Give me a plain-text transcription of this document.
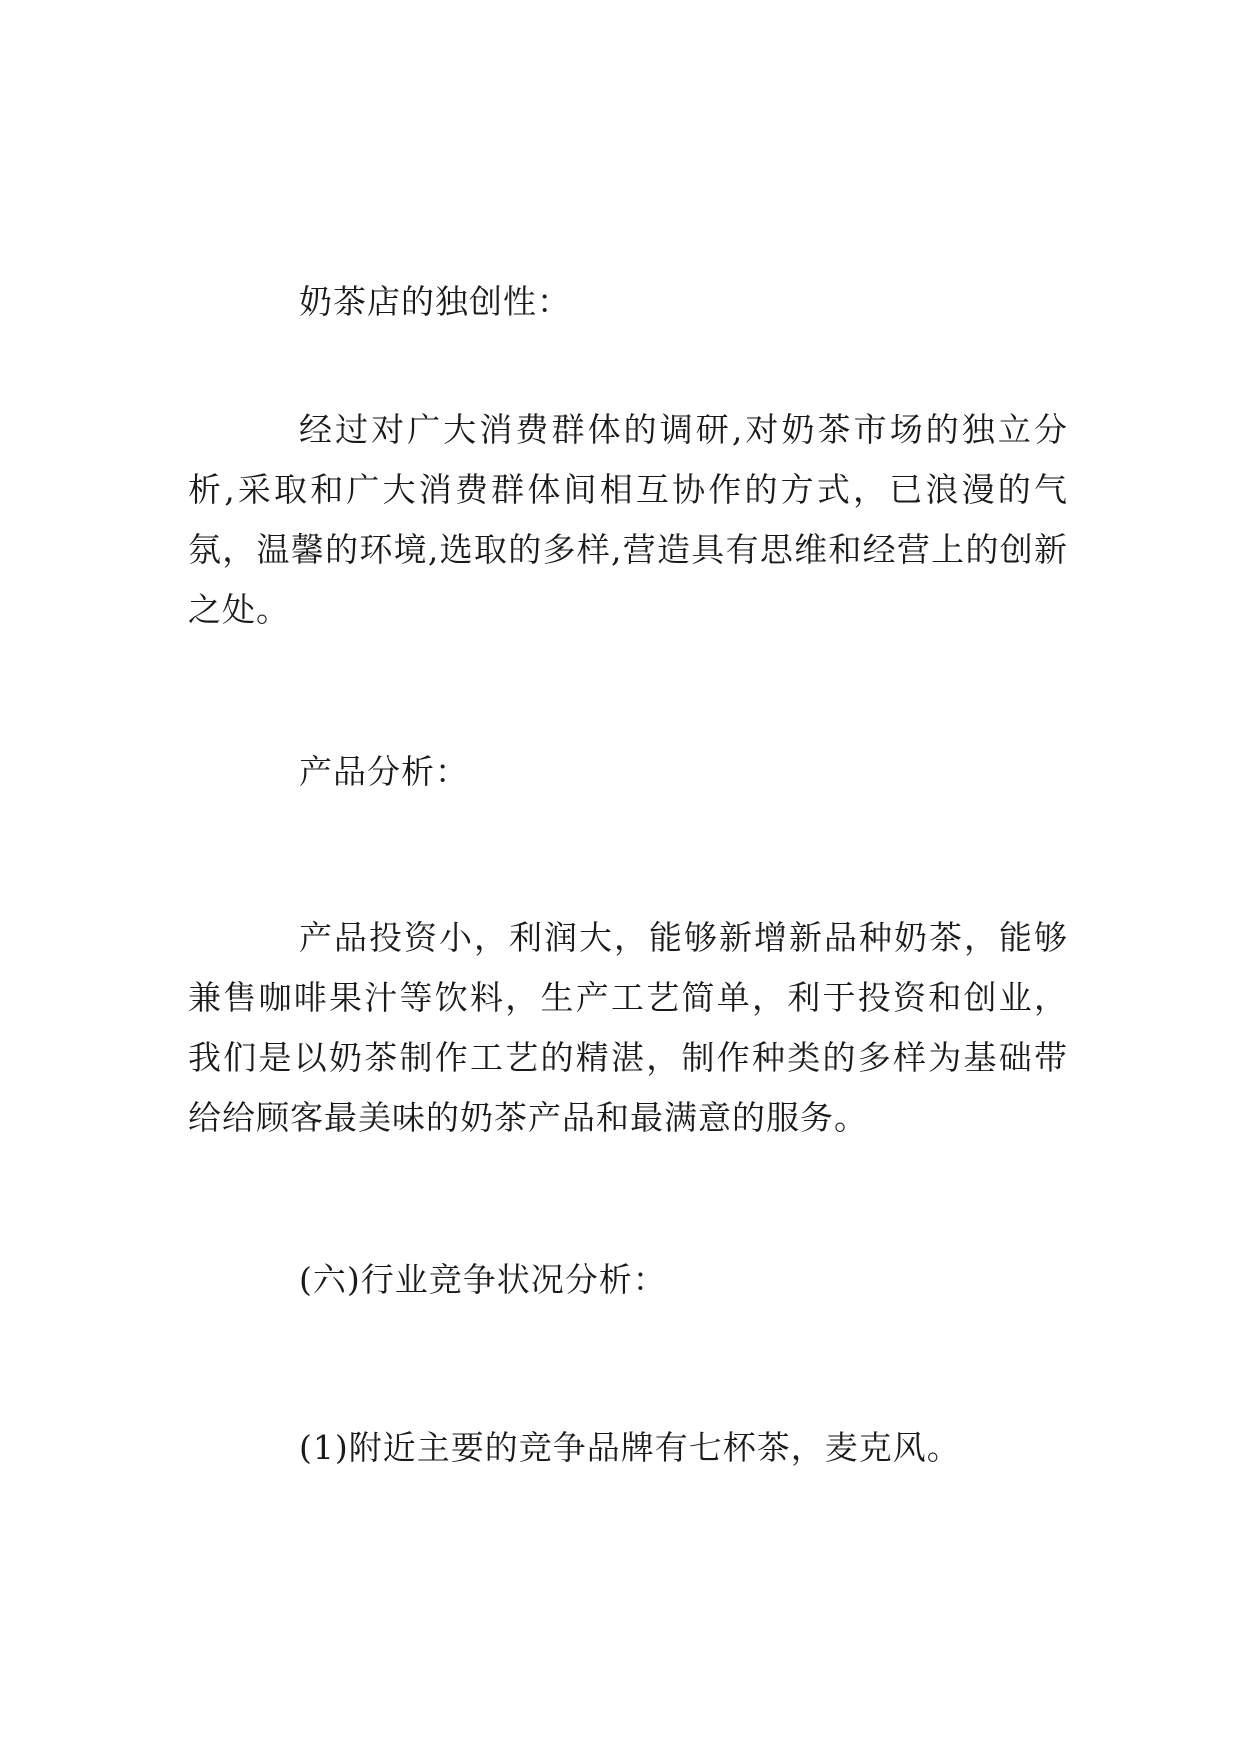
奶茶店的独创性：

经过对广大消费群体的调研,对奶茶市场的独立分析,采取和广大消费群体间相互协作的方式，已浪漫的气氛，温馨的环境,选取的多样,营造具有思维和经营上的创新之处。

产品分析：

产品投资小，利润大，能够新增新品种奶茶，能够兼售咖啡果汁等饮料，生产工艺简单，利于投资和创业，我们是以奶茶制作工艺的精湛，制作种类的多样为基础带给给顾客最美味的奶茶产品和最满意的服务。

(六)行业竞争状况分析：

(1)附近主要的竞争品牌有七杯茶，麦克风。
